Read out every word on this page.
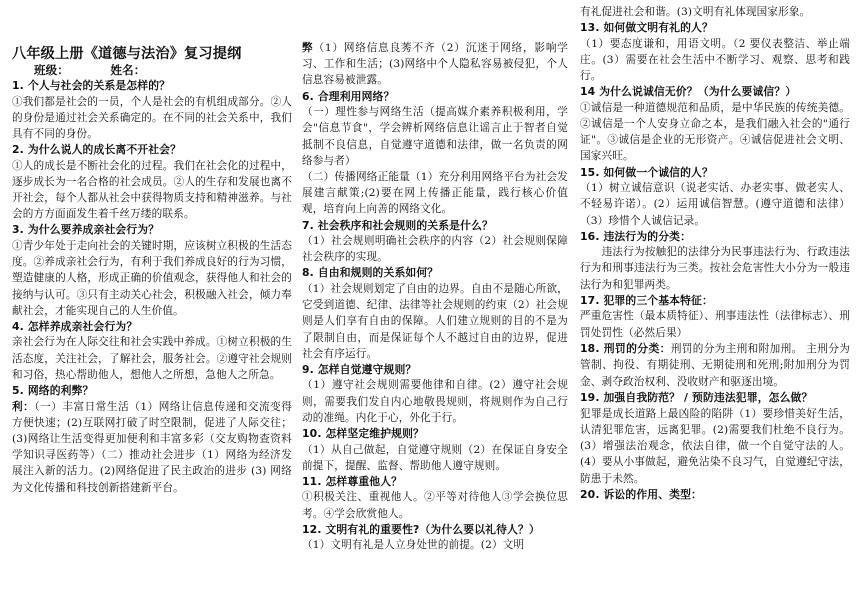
八年级上册《道德与法治》复习提纲
班级：          姓名：
1. 个人与社会的关系是怎样的？
①我们都是社会的一员，个人是社会的有机组成部分。②人的身份是通过社会关系确定的。在不同的社会关系中，我们具有不同的身份。
2. 为什么说人的成长离不开社会？
①人的成长是不断社会化的过程。我们在社会化的过程中，逐步成长为一名合格的社会成员。②人的生存和发展也离不开社会，每个人都从社会中获得物质支持和精神滋养。与社会的方方面面发生着千丝万缕的联系。
3. 为什么要养成亲社会行为？
①青少年处于走向社会的关键时期，应该树立积极的生活态度。②养成亲社会行为，有利于我们养成良好的行为习惯，塑造健康的人格，形成正确的价值观念，获得他人和社会的接纳与认可。③只有主动关心社会，积极融入社会，倾力奉献社会，才能实现自己的人生价值。
4. 怎样养成亲社会行为？
亲社会行为在人际交往和社会实践中养成。①树立积极的生活态度，关注社会，了解社会，服务社会。②遵守社会规则和习俗，热心帮助他人，想他人之所想，急他人之所急。
5. 网络的利弊？
利：（一）丰富日常生活（1）网络让信息传递和交流变得方便快速；(2)互联网打破了时空限制，促进了人际交往；(3)网络让生活变得更加便利和丰富多彩（交友购物查资料学知识寻医药等）（二）推动社会进步（1）网络为经济发展注入新的活力。(2)网络促进了民主政治的进步 (3) 网络为文化传播和科技创新搭建新平台。
弊（1）网络信息良莠不齐（2）沉迷于网络，影响学习、工作和生活；(3)网络中个人隐私容易被侵犯，个人信息容易被泄露。
6. 合理利用网络？
（一）理性参与网络生活（提高媒介素养积极利用，学会"信息节食"，学会辨析网络信息让谣言止于智者自觉抵制不良信息，自觉遵守道德和法律，做一名负责的网络参与者）
（二）传播网络正能量（1）充分利用网络平台为社会发展建言献策;(2)要在网上传播正能量，践行核心价值观，培育向上向善的网络文化。
7. 社会秩序和社会规则的关系是什么？
（1）社会规则明确社会秩序的内容（2）社会规则保障社会秩序的实现。
8. 自由和规则的关系如何？
（1）社会规则划定了自由的边界。自由不是随心所欲，它受到道德、纪律、法律等社会规则的约束（2）社会规则是人们享有自由的保障。人们建立规则的目的不是为了限制自由，而是保证每个人不越过自由的边界，促进社会有序运行。
9. 怎样自觉遵守规则？
（1）遵守社会规则需要他律和自律。(2）遵守社会规则，需要我们发自内心地敬畏规则，将规则作为自己行动的准绳。内化于心，外化于行。
10. 怎样坚定维护规则？
（1）从自己做起，自觉遵守规则（2）在保证自身安全前提下，提醒、监督、帮助他人遵守规则。
11. 怎样尊重他人？
①积极关注、重视他人。②平等对待他人③学会换位思考。④学会欣赏他人。
12. 文明有礼的重要性?（为什么要以礼待人？）
（1）文明有礼是人立身处世的前提。(2）文明
有礼促进社会和谐。(3)文明有礼体现国家形象。
13. 如何做文明有礼的人？
（1）要态度谦和，用语文明。（2 要仪表整洁、举止端庄。(3）需要在社会生活中不断学习、观察、思考和践行。
14 为什么说诚信无价？（为什么要诚信？）
①诚信是一种道德规范和品质，是中华民族的传统美德。②诚信是一个人安身立命之本，是我们融入社会的"通行证"。③诚信是企业的无形资产。④诚信促进社会文明、国家兴旺。
15. 如何做一个诚信的人？
（1）树立诚信意识（说老实话、办老实事、做老实人、不轻易许诺）。(2）运用诚信智慧。(遵守道德和法律）（3）珍惜个人诚信记录。
16. 违法行为的分类：
　　违法行为按触犯的法律分为民事违法行为、行政违法行为和刑事违法行为三类。按社会危害性大小分为一般违法行为和犯罪两类。
17. 犯罪的三个基本特征：
严重危害性（最本质特征）、刑事违法性（法律标志）、刑罚处罚性（必然后果）
18. 刑罚的分类：刑罚的分为主刑和附加刑。 主刑分为管制、拘役、有期徒刑、无期徒刑和死刑;附加刑分为罚金、剥夺政治权利、没收财产和驱逐出境。
19. 加强自我防范？ / 预防违法犯罪，怎么做？
犯罪是成长道路上最凶险的陷阱（1）要珍惜美好生活，认清犯罪危害，远离犯罪。(2)需要我们杜绝不良行为。(3）增强法治观念，依法自律，做一个自觉守法的人。(4）要从小事做起，避免沾染不良习气，自觉遵纪守法，防患于未然。
20. 诉讼的作用、类型：
